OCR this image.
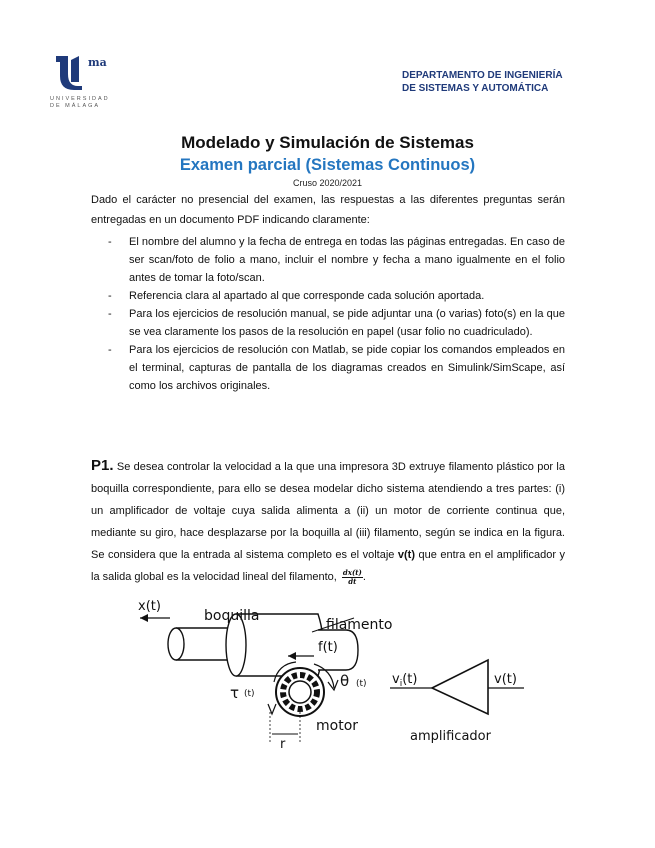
ma
UNIVERSIDAD
DE MÁLAGA
DEPARTAMENTO DE INGENIERÍA
DE SISTEMAS Y AUTOMÁTICA
Modelado y Simulación de Sistemas
Examen parcial (Sistemas Continuos)
Cruso 2020/2021
Dado el carácter no presencial del examen, las respuestas a las diferentes preguntas serán entregadas en un documento PDF indicando claramente:
- El nombre del alumno y la fecha de entrega en todas las páginas entregadas. En caso de ser scan/foto de folio a mano, incluir el nombre y fecha a mano igualmente en el folio antes de tomar la foto/scan.
- Referencia clara al apartado al que corresponde cada solución aportada.
- Para los ejercicios de resolución manual, se pide adjuntar una (o varias) foto(s) en la que se vea claramente los pasos de la resolución en papel (usar folio no cuadriculado).
- Para los ejercicios de resolución con Matlab, se pide copiar los comandos empleados en el terminal, capturas de pantalla de los diagramas creados en Simulink/SimScape, así como los archivos originales.
P1. Se desea controlar la velocidad a la que una impresora 3D extruye filamento plástico por la boquilla correspondiente, para ello se desea modelar dicho sistema atendiendo a tres partes: (i) un amplificador de voltaje cuya salida alimenta a (ii) un motor de corriente continua que, mediante su giro, hace desplazarse por la boquilla al (iii) filamento, según se indica en la figura. Se considera que la entrada al sistema completo es el voltaje v(t) que entra en el amplificador y la salida global es la velocidad lineal del filamento, $\frac{dx(t)}{dt}$ .
x(t)
boquilla
filamento
f(t)
τ (t)
θ (t)
motor
r
$v_i(t)$	v(t)
amplificador
